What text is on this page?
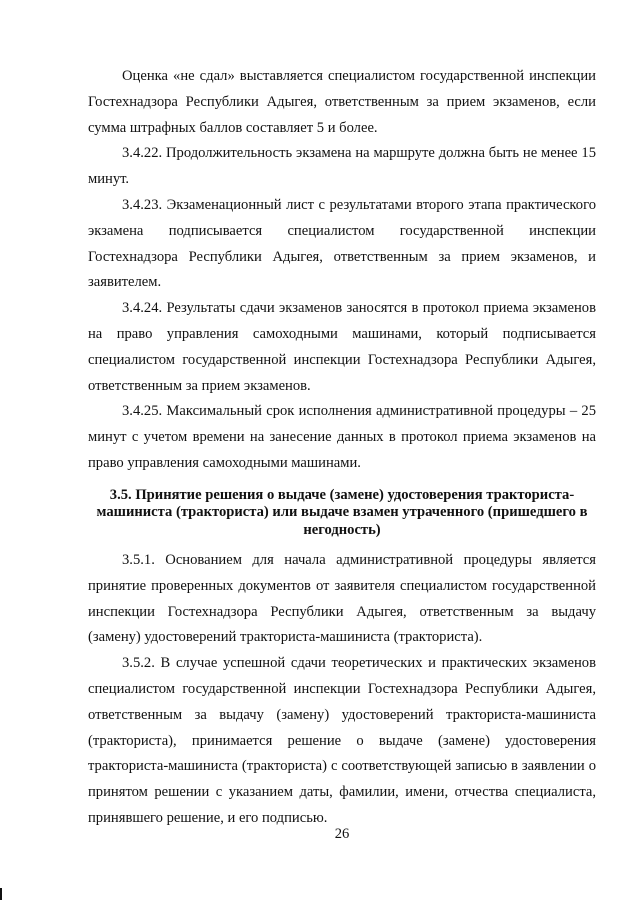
Оценка «не сдал» выставляется специалистом государственной инспекции Гостехнадзора Республики Адыгея, ответственным за прием экзаменов, если сумма штрафных баллов составляет 5 и более.

3.4.22. Продолжительность экзамена на маршруте должна быть не менее 15 минут.

3.4.23. Экзаменационный лист с результатами второго этапа практического экзамена подписывается специалистом государственной инспекции Гостехнадзора Республики Адыгея, ответственным за прием экзаменов, и заявителем.

3.4.24. Результаты сдачи экзаменов заносятся в протокол приема экзаменов на право управления самоходными машинами, который подписывается специалистом государственной инспекции Гостехнадзора Республики Адыгея, ответственным за прием экзаменов.

3.4.25. Максимальный срок исполнения административной процедуры – 25 минут с учетом времени на занесение данных в протокол приема экзаменов на право управления самоходными машинами.

3.5. Принятие решения о выдаче (замене) удостоверения тракториста-машиниста (тракториста) или выдаче взамен утраченного (пришедшего в негодность)

3.5.1. Основанием для начала административной процедуры является принятие проверенных документов от заявителя специалистом государственной инспекции Гостехнадзора Республики Адыгея, ответственным за выдачу (замену) удостоверений тракториста-машиниста (тракториста).

3.5.2. В случае успешной сдачи теоретических и практических экзаменов специалистом государственной инспекции Гостехнадзора Республики Адыгея, ответственным за выдачу (замену) удостоверений тракториста-машиниста (тракториста), принимается решение о выдаче (замене) удостоверения тракториста-машиниста (тракториста) с соответствующей записью в заявлении о принятом решении с указанием даты, фамилии, имени, отчества специалиста, принявшего решение, и его подписью.

26
